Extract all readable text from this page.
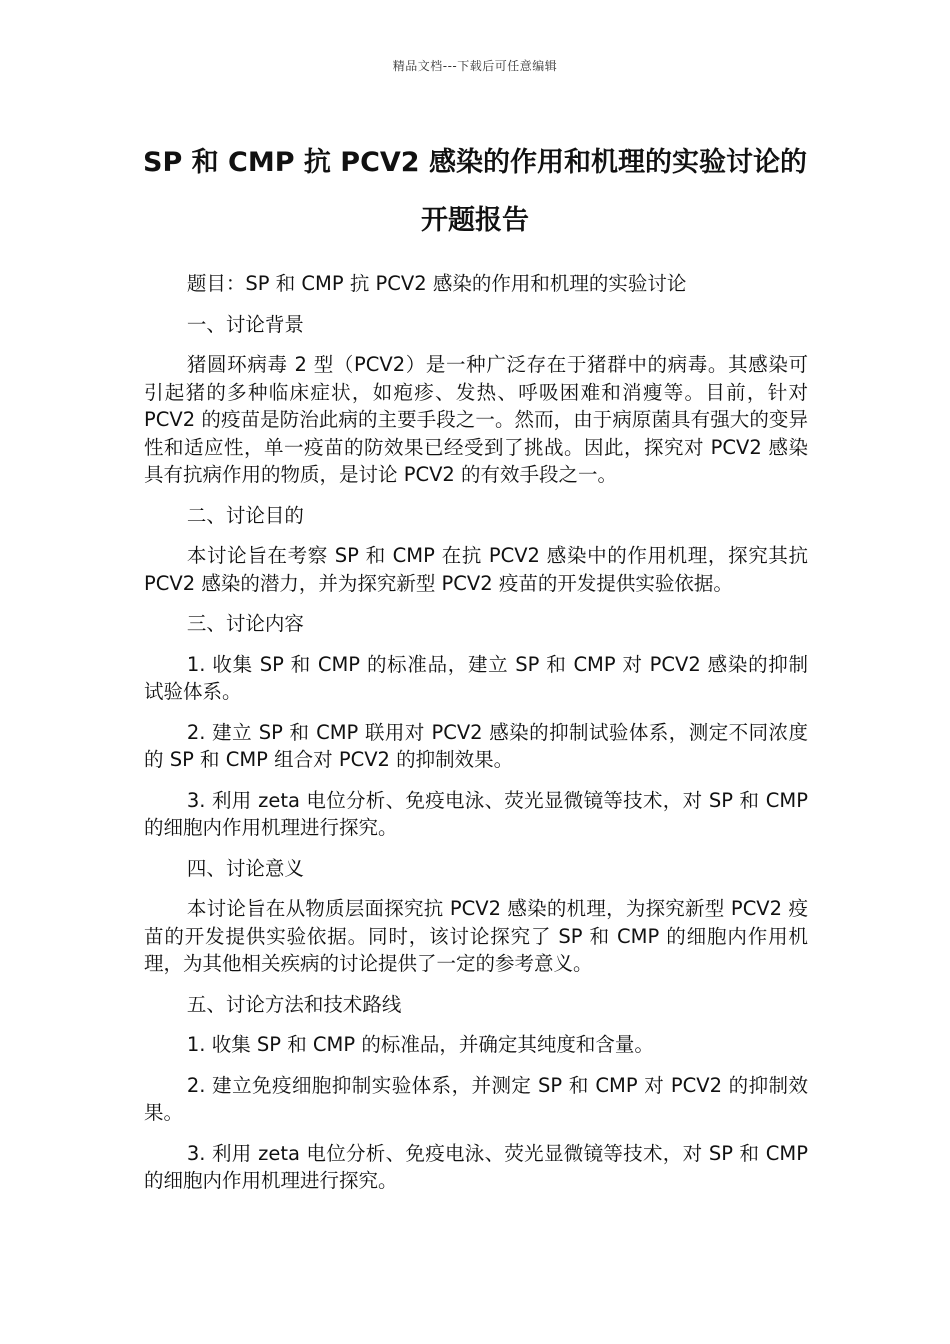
精品文档---下载后可任意编辑
SP 和 CMP 抗 PCV2 感染的作用和机理的实验讨论的开题报告

题目：SP 和 CMP 抗 PCV2 感染的作用和机理的实验讨论

一、讨论背景

猪圆环病毒 2 型（PCV2）是一种广泛存在于猪群中的病毒。其感染可引起猪的多种临床症状，如疱疹、发热、呼吸困难和消瘦等。目前，针对 PCV2 的疫苗是防治此病的主要手段之一。然而，由于病原菌具有强大的变异性和适应性，单一疫苗的防效果已经受到了挑战。因此，探究对 PCV2 感染具有抗病作用的物质，是讨论 PCV2 的有效手段之一。

二、讨论目的

本讨论旨在考察 SP 和 CMP 在抗 PCV2 感染中的作用机理，探究其抗 PCV2 感染的潜力，并为探究新型 PCV2 疫苗的开发提供实验依据。

三、讨论内容

1. 收集 SP 和 CMP 的标准品，建立 SP 和 CMP 对 PCV2 感染的抑制试验体系。

2. 建立 SP 和 CMP 联用对 PCV2 感染的抑制试验体系，测定不同浓度的 SP 和 CMP 组合对 PCV2 的抑制效果。

3. 利用 zeta 电位分析、免疫电泳、荧光显微镜等技术，对 SP 和 CMP 的细胞内作用机理进行探究。

四、讨论意义

本讨论旨在从物质层面探究抗 PCV2 感染的机理，为探究新型 PCV2 疫苗的开发提供实验依据。同时，该讨论探究了 SP 和 CMP 的细胞内作用机理，为其他相关疾病的讨论提供了一定的参考意义。

五、讨论方法和技术路线

1. 收集 SP 和 CMP 的标准品，并确定其纯度和含量。

2. 建立免疫细胞抑制实验体系，并测定 SP 和 CMP 对 PCV2 的抑制效果。

3. 利用 zeta 电位分析、免疫电泳、荧光显微镜等技术，对 SP 和 CMP 的细胞内作用机理进行探究。
